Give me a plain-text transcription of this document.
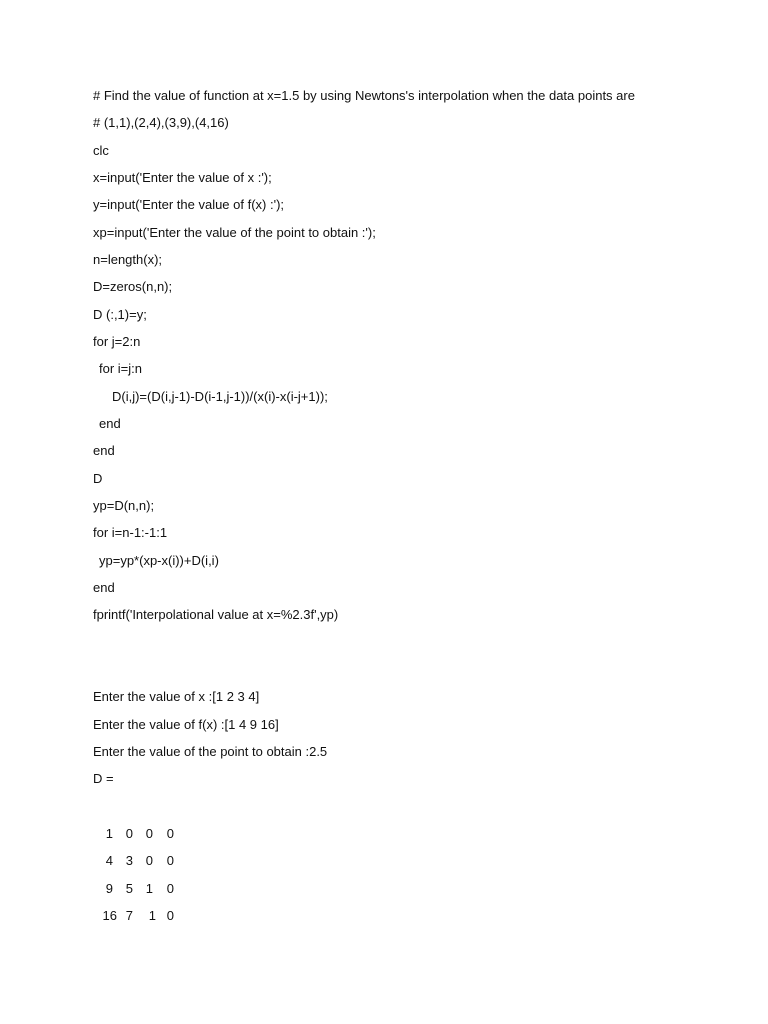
# Find the value of function at x=1.5 by using Newtons's interpolation when the data points are
# (1,1),(2,4),(3,9),(4,16)
clc
x=input('Enter the value of x :');
y=input('Enter the value of f(x) :');
xp=input('Enter the value of the point to obtain :');
n=length(x);
D=zeros(n,n);
D (:,1)=y;
for j=2:n
for i=j:n
D(i,j)=(D(i,j-1)-D(i-1,j-1))/(x(i)-x(i-j+1));
end
end
D
yp=D(n,n);
for i=n-1:-1:1
yp=yp*(xp-x(i))+D(i,i)
end
fprintf('Interpolational value at x=%2.3f',yp)
Enter the value of x :[1 2 3 4]
Enter the value of f(x) :[1 4 9 16]
Enter the value of the point to obtain :2.5
D =
1 0 0	0
4 3 0	0
9 5 1	0
16 7	1 0
